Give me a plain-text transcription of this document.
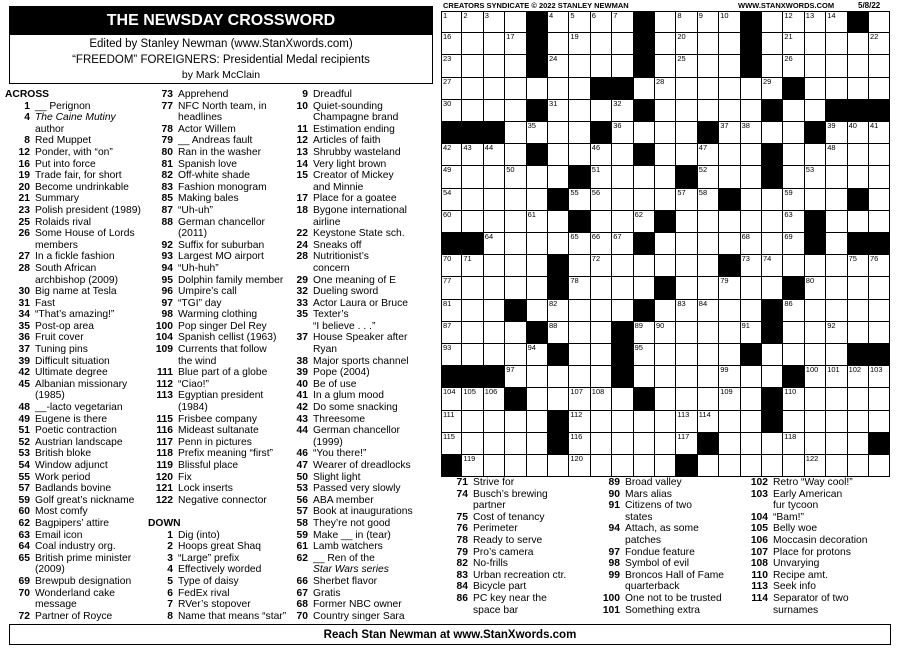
THE NEWSDAY CROSSWORD
Edited by Stanley Newman (www.StanXwords.com)
“FREEDOM” FOREIGNERS: Presidential Medal recipients
by Mark McClain
CREATORS SYNDICATE © 2022 STANLEY NEWMAN	WWW.STANXWORDS.COM	5/8/22
1 2 3	4 5 6 7	8 9 10	12 13 14
16	17	19	20	21	22
23	24	25	26
27	28	29
30	31	32
35	36	37 38	39 40 41
42 43 44	46	47	48
49	50	51	52	53
54	55 56	57 58	59
60	61	62	63
64	65 66 67	68	69
70 71	72	73 74	75 76
77	78	79	80
81	82	83 84	86
87	88	89 90	91	92
93	94	95
97	99	100 101 102 103
104 105 106	107 108	109	110
111	112	113 114
115	116	117	118
119	120	122
ACROSS
1 __ Perignon
4 The Caine Mutiny
author
8 Red Muppet
12 Ponder, with “on”
16 Put into force
19 Trade fair, for short
20 Become undrinkable
21 Summary
23 Polish president (1989)
25 Rolaids rival
26 Some House of Lords
members
27 In a fickle fashion
28 South African
archbishop (2009)
30 Big name at Tesla
31 Fast
34 “That’s amazing!”
35 Post-op area
36 Fruit cover
37 Tuning pins
39 Difficult situation
42 Ultimate degree
45 Albanian missionary
(1985)
48 __-lacto vegetarian
49 Eugene is there
51 Poetic contraction
52 Austrian landscape
53 British bloke
54 Window adjunct
55 Work period
57 Badlands bovine
59 Golf great’s nickname
60 Most comfy
62 Bagpipers’ attire
63 Email icon
64 Coal industry org.
65 British prime minister
(2009)
69 Brewpub designation
70 Wonderland cake
message
72 Partner of Royce
73 Apprehend
77 NFC North team, in
headlines
78 Actor Willem
79 __ Andreas fault
80 Ran in the washer
81 Spanish love
82 Off-white shade
83 Fashion monogram
85 Making bales
87 “Uh-uh”
88 German chancellor
(2011)
92 Suffix for suburban
93 Largest MO airport
94 “Uh-huh”
95 Dolphin family member
96 Umpire’s call
97 “TGI” day
98 Warming clothing
100 Pop singer Del Rey
104 Spanish cellist (1963)
109 Currents that follow
the wind
111 Blue part of a globe
112 “Ciao!”
113 Egyptian president
(1984)
115 Frisbee company
116 Mideast sultanate
117 Penn in pictures
118 Prefix meaning “first”
119 Blissful place
120 Fix
121 Lock inserts
122 Negative connector

DOWN
1 Dig (into)
2 Hoops great Shaq
3 “Large” prefix
4 Effectively worded
5 Type of daisy
6 FedEx rival
7 RVer’s stopover
8 Name that means “star”
9 Dreadful
10 Quiet-sounding
Champagne brand
11 Estimation ending
12 Articles of faith
13 Shrubby wasteland
14 Very light brown
15 Creator of Mickey
and Minnie
17 Place for a goatee
18 Bygone international
airline
22 Keystone State sch.
24 Sneaks off
28 Nutritionist’s
concern
29 One meaning of E
32 Dueling sword
33 Actor Laura or Bruce
35 Texter’s
“I believe . . .”
37 House Speaker after
Ryan
38 Major sports channel
39 Pope (2004)
40 Be of use
41 In a glum mood
42 Do some snacking
43 Threesome
44 German chancellor
(1999)
46 “You there!”
47 Wearer of dreadlocks
50 Slight light
53 Passed very slowly
56 ABA member
57 Book at inaugurations
58 They’re not good
59 Make __ in (tear)
61 Lamb watchers
62 __ Ren of the
Star Wars series
66 Sherbet flavor
67 Gratis
68 Former NBC owner
70 Country singer Sara
71 Strive for
74 Busch’s brewing
partner
75 Cost of tenancy
76 Perimeter
78 Ready to serve
79 Pro’s camera
82 No-frills
83 Urban recreation ctr.
84 Bicycle part
86 PC key near the
space bar
89 Broad valley
90 Mars alias
91 Citizens of two
states
94 Attach, as some
patches
97 Fondue feature
98 Symbol of evil
99 Broncos Hall of Fame
quarterback
100 One not to be trusted
101 Something extra
102 Retro “Way cool!”
103 Early American
fur tycoon
104 “Bam!”
105 Belly woe
106 Moccasin decoration
107 Place for protons
108 Unvarying
110 Recipe amt.
113 Seek info
114 Separator of two
surnames
Reach Stan Newman at www.StanXwords.com
